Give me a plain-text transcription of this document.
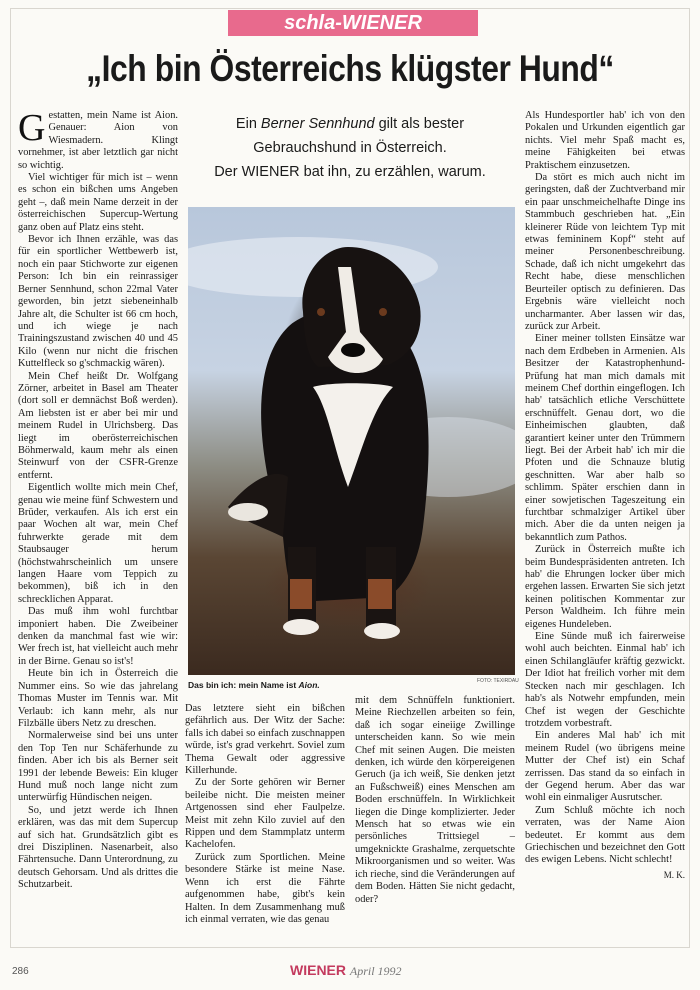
schla-WIENER
„Ich bin Österreichs klügster Hund“
Ein Berner Sennhund gilt als bester
Gebrauchshund in Österreich.
Der WIENER bat ihn, zu erzählen, warum.
G estatten, mein Name ist Aion. Genauer: Aion von Wiesmadern. Klingt vornehmer, ist aber letztlich gar nicht so wichtig.

Viel wichtiger für mich ist – wenn es schon ein bißchen ums Angeben geht –, daß mein Name derzeit in der österreichischen Supercup-Wertung ganz oben auf Platz eins steht.

Bevor ich Ihnen erzähle, was das für ein sportlicher Wettbewerb ist, noch ein paar Stichworte zur eigenen Person: Ich bin ein reinrassiger Berner Sennhund, schon 22mal Vater geworden, bin jetzt siebeneinhalb Jahre alt, die Schulter ist 66 cm hoch, und ich wiege je nach Trainingszustand zwischen 40 und 45 Kilo (wenn nur nicht die frischen Kuttelfleck so g'schmackig wären).

Mein Chef heißt Dr. Wolfgang Zörner, arbeitet in Basel am Theater (dort soll er demnächst Boß werden). Am liebsten ist er aber bei mir und meinem Rudel in Ulrichsberg. Das liegt im oberösterreichischen Böhmerwald, kaum mehr als einen Steinwurf von der CSFR-Grenze entfernt.

Eigentlich wollte mich mein Chef, genau wie meine fünf Schwestern und Brüder, verkaufen. Als ich erst ein paar Wochen alt war, mein Chef fuhrwerkte gerade mit dem Staubsauger herum (höchstwahrscheinlich um unsere langen Haare vom Teppich zu bekommen), biß ich in den schrecklichen Apparat.

Das muß ihm wohl furchtbar imponiert haben. Die Zweibeiner denken da manchmal fast wie wir: Wer frech ist, hat vielleicht auch mehr in der Birne. Genau so ist's!

Heute bin ich in Österreich die Nummer eins. So wie das jahrelang Thomas Muster im Tennis war. Mit Verlaub: ich kann mehr, als nur Filzbälle übers Netz zu dreschen.

Normalerweise sind bei uns unter den Top Ten nur Schäferhunde zu finden. Aber ich bis als Berner seit 1991 der lebende Beweis: Ein kluger Hund muß noch lange nicht zum unterwürfig Hündischen neigen.

So, und jetzt werde ich Ihnen erklären, was das mit dem Supercup auf sich hat. Grundsätzlich gibt es drei Disziplinen. Nasenarbeit, also Fährtensuche. Dann Unterordnung, zu deutsch Gehorsam. Und als drittes die Schutzarbeit.

FOTO: TEXIRDAU
Das bin ich: mein Name ist Aion.

Das letztere sieht ein bißchen gefährlich aus. Der Witz der Sache: falls ich dabei so einfach zuschnappen würde, ist's grad verkehrt. Soviel zum Thema Gewalt oder aggressive Killerhunde.

Zu der Sorte gehören wir Berner beileibe nicht. Die meisten meiner Artgenossen sind eher Faulpelze. Meist mit zehn Kilo zuviel auf den Rippen und dem Stammplatz unterm Kachelofen.

Zurück zum Sportlichen. Meine besondere Stärke ist meine Nase. Wenn ich erst die Fährte aufgenommen habe, gibt's kein Halten. In dem Zusammenhang muß ich einmal verraten, wie das genau

mit dem Schnüffeln funktioniert. Meine Riechzellen arbeiten so fein, daß ich sogar eineiige Zwillinge unterscheiden kann. So wie mein Chef mit seinen Augen. Die meisten denken, ich würde den körpereigenen Geruch (ja ich weiß, Sie denken jetzt an Fußschweiß) eines Menschen am Boden erschnüffeln. In Wirklichkeit liegen die Dinge komplizierter. Jeder Mensch hat so etwas wie ein persönliches Trittsiegel – umgeknickte Grashalme, zerquetschte Mikroorganismen und so weiter. Was ich rieche, sind die Veränderungen auf dem Boden. Hätten Sie nicht gedacht, oder?

Als Hundesportler hab' ich von den Pokalen und Urkunden eigentlich gar nichts. Viel mehr Spaß macht es, meine Fähigkeiten bei etwas Praktischem einzusetzen.

Da stört es mich auch nicht im geringsten, daß der Zuchtverband mir ein paar unschmeichelhafte Dinge ins Stammbuch geschrieben hat. „Ein kleinerer Rüde von leichtem Typ mit etwas femininem Kopf“ steht auf meiner Personenbeschreibung. Schade, daß ich nicht umgekehrt das Recht habe, diese menschlichen Beurteiler optisch zu definieren. Das Ergebnis wäre vielleicht noch uncharmanter. Aber lassen wir das, zurück zur Arbeit.

Einer meiner tollsten Einsätze war nach dem Erdbeben in Armenien. Als Besitzer der Katastrophenhund-Prüfung hat man mich damals mit meinem Chef dorthin eingeflogen. Ich hab' tatsächlich etliche Verschüttete erschnüffelt. Genau dort, wo die Einheimischen glaubten, daß garantiert keiner unter den Trümmern liegt. Bei der Arbeit hab' ich mir die Pfoten und die Schnauze blutig geschnitten. War aber halb so schlimm. Später erschien dann in einer sowjetischen Tageszeitung ein furchtbar schmalziger Artikel über mich. Aber die da unten neigen ja bekanntlich zum Pathos.

Zurück in Österreich mußte ich beim Bundespräsidenten antreten. Ich hab' die Ehrungen locker über mich ergehen lassen. Erwarten Sie sich jetzt keinen politischen Kommentar zur Person Waldheim. Ich führe mein eigenes Hundeleben.

Eine Sünde muß ich fairerweise wohl auch beichten. Einmal hab' ich einen Schilangläufer kräftig gezwickt. Der Idiot hat freilich vorher mit dem Stecken nach mir geschlagen. Ich hab's als Notwehr empfunden, mein Chef ist wegen der Geschichte trotzdem vorbestraft.

Ein anderes Mal hab' ich mit meinem Rudel (wo übrigens meine Mutter der Chef ist) ein Schaf zerrissen. Das stand da so einfach in der Gegend herum. Aber das war wohl ein einmaliger Ausrutscher.

Zum Schluß möchte ich noch verraten, was der Name Aion bedeutet. Er kommt aus dem Griechischen und bezeichnet den Gott des ewigen Lebens. Nicht schlecht!

M. K.
286	WIENER April 1992
